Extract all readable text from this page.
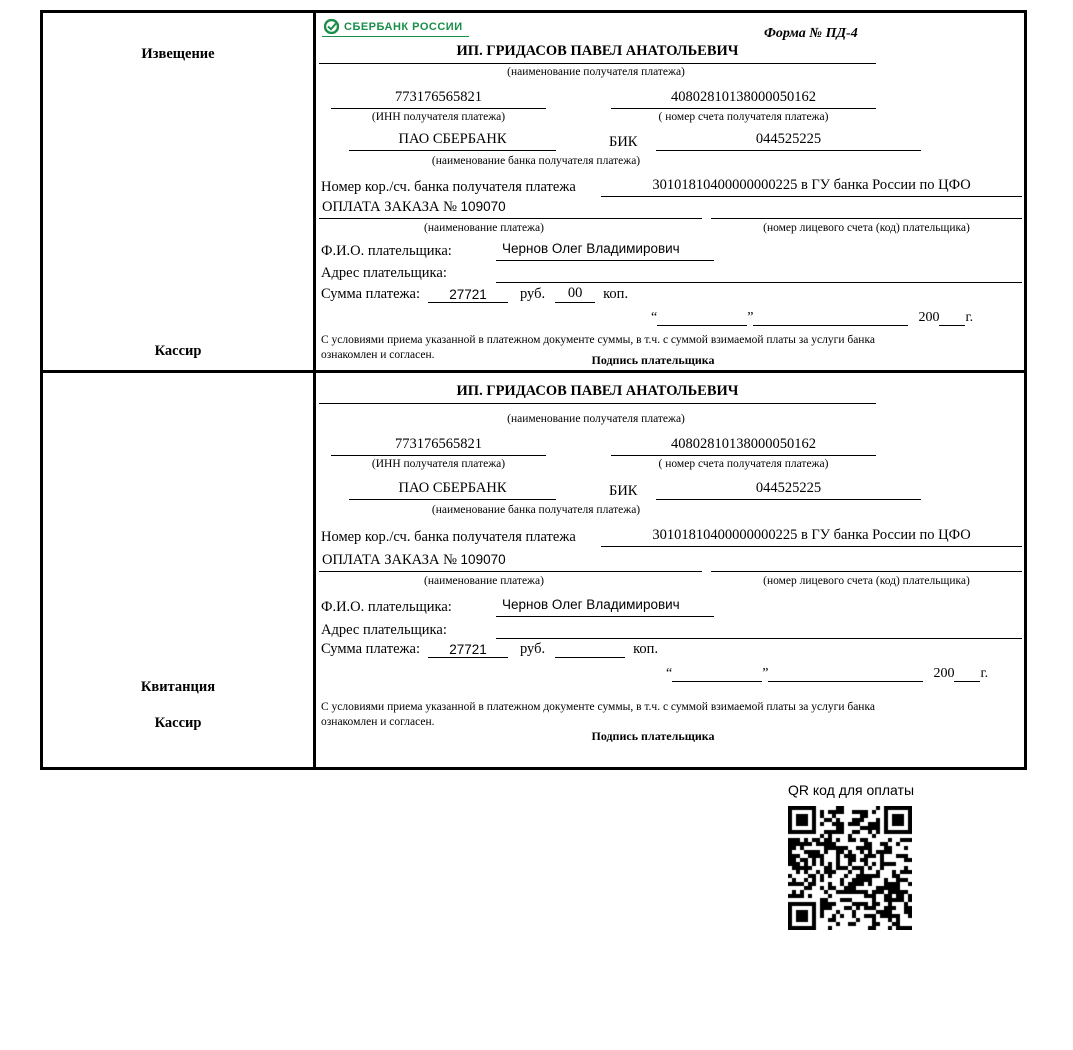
Извещение
Кассир
СБЕРБАНК РОССИИ	Форма № ПД-4
ИП. ГРИДАСОВ ПАВЕЛ АНАТОЛЬЕВИЧ
(наименование получателя платежа)
773176565821	40802810138000050162
(ИНН получателя платежа)	( номер счета получателя платежа)
ПАО СБЕРБАНК	БИК	044525225
(наименование банка получателя платежа)
Номер кор./сч. банка получателя платежа	30101810400000000225 в ГУ банка России по ЦФО
ОПЛАТА ЗАКАЗА № 109070
(наименование платежа)	(номер лицевого счета (код) плательщика)
Ф.И.О. плательщика:	Чернов Олег Владимирович
Адрес плательщика:
Сумма платежа:	27721	руб.	00	коп.
“	”	200 г.
С условиями приема указанной в платежном документе суммы, в т.ч. с суммой взимаемой платы за услуги банка ознакомлен и согласен.	Подпись плательщика
Квитанция
Кассир
ИП. ГРИДАСОВ ПАВЕЛ АНАТОЛЬЕВИЧ
(наименование получателя платежа)
773176565821	40802810138000050162
(ИНН получателя платежа)	( номер счета получателя платежа)
ПАО СБЕРБАНК	БИК	044525225
(наименование банка получателя платежа)
Номер кор./сч. банка получателя платежа	30101810400000000225 в ГУ банка России по ЦФО
ОПЛАТА ЗАКАЗА № 109070
(наименование платежа)	(номер лицевого счета (код) плательщика)
Ф.И.О. плательщика:	Чернов Олег Владимирович
Адрес плательщика:
Сумма платежа:	27721	руб.	коп.
“	”	200 г.
С условиями приема указанной в платежном документе суммы, в т.ч. с суммой взимаемой платы за услуги банка ознакомлен и согласен.
Подпись плательщика
QR код для оплаты
